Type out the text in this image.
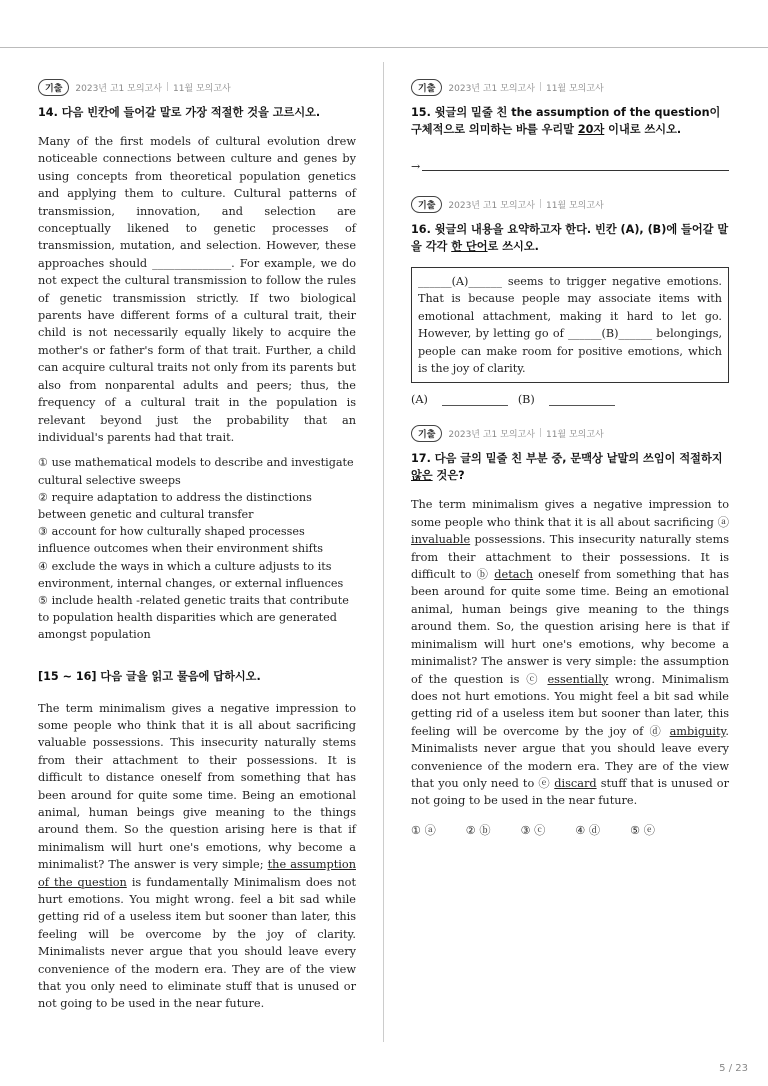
기출	2023년 고1 모의고사 | 11월 모의고사
14. 다음 빈칸에 들어갈 말로 가장 적절한 것을 고르시오.

Many of the first models of cultural evolution drew noticeable connections between culture and genes by using concepts from theoretical population genetics and applying them to culture. Cultural patterns of transmission, innovation, and selection are conceptually likened to genetic processes of transmission, mutation, and selection. However, these approaches should ______________. For example, we do not expect the cultural transmission to follow the rules of genetic transmission strictly. If two biological parents have different forms of a cultural trait, their child is not necessarily equally likely to acquire the mother's or father's form of that trait. Further, a child can acquire cultural traits not only from its parents but also from nonparental adults and peers; thus, the frequency of a cultural trait in the population is relevant beyond just the probability that an individual's parents had that trait.

① use mathematical models to describe and investigate cultural selective sweeps

② require adaptation to address the distinctions between genetic and cultural transfer

③ account for how culturally shaped processes influence outcomes when their environment shifts

④ exclude the ways in which a culture adjusts to its environment, internal changes, or external influences

⑤ include health -related genetic traits that contribute to population health disparities which are generated amongst population

[15 ~ 16] 다음 글을 읽고 물음에 답하시오.

The term minimalism gives a negative impression to some people who think that it is all about sacrificing valuable possessions. This insecurity naturally stems from their attachment to their possessions. It is difficult to distance oneself from something that has been around for quite some time. Being an emotional animal, human beings give meaning to the things around them. So the question arising here is that if minimalism will hurt one's emotions, why become a minimalist? The answer is very simple; the assumption of the question is fundamentally Minimalism does not hurt emotions. You might wrong. feel a bit sad while getting rid of a useless item but sooner than later, this feeling will be overcome by the joy of clarity. Minimalists never argue that you should leave every convenience of the modern era. They are of the view that you only need to eliminate stuff that is unused or not going to be used in the near future.

기출	2023년 고1 모의고사 | 11월 모의고사
15. 윗글의 밑줄 친 the assumption of the question이 구체적으로 의미하는 바를 우리말 20자 이내로 쓰시오.
→
기출	2023년 고1 모의고사 | 11월 모의고사
16. 윗글의 내용을 요약하고자 한다. 빈칸 (A), (B)에 들어갈 말을 각각 한 단어로 쓰시오.
______(A)______ seems to trigger negative emotions. That is because people may associate items with emotional attachment, making it hard to let go. However, by letting go of ______(B)______ belongings, people can make room for positive emotions, which is the joy of clarity.
(A)	(B)
기출	2023년 고1 모의고사 | 11월 모의고사
17. 다음 글의 밑줄 친 부분 중, 문맥상 낱말의 쓰임이 적절하지 않은 것은?

The term minimalism gives a negative impression to some people who think that it is all about sacrificing ⓐ invaluable possessions. This insecurity naturally stems from their attachment to their possessions. It is difficult to ⓑ detach oneself from something that has been around for quite some time. Being an emotional animal, human beings give meaning to the things around them. So, the question arising here is that if minimalism will hurt one's emotions, why become a minimalist? The answer is very simple: the assumption of the question is ⓒ essentially wrong. Minimalism does not hurt emotions. You might feel a bit sad while getting rid of a useless item but sooner than later, this feeling will be overcome by the joy of ⓓ ambiguity. Minimalists never argue that you should leave every convenience of the modern era. They are of the view that you only need to ⓔ discard stuff that is unused or not going to be used in the near future.

① ⓐ	② ⓑ	③ ⓒ	④ ⓓ	⑤ ⓔ
5 / 23
